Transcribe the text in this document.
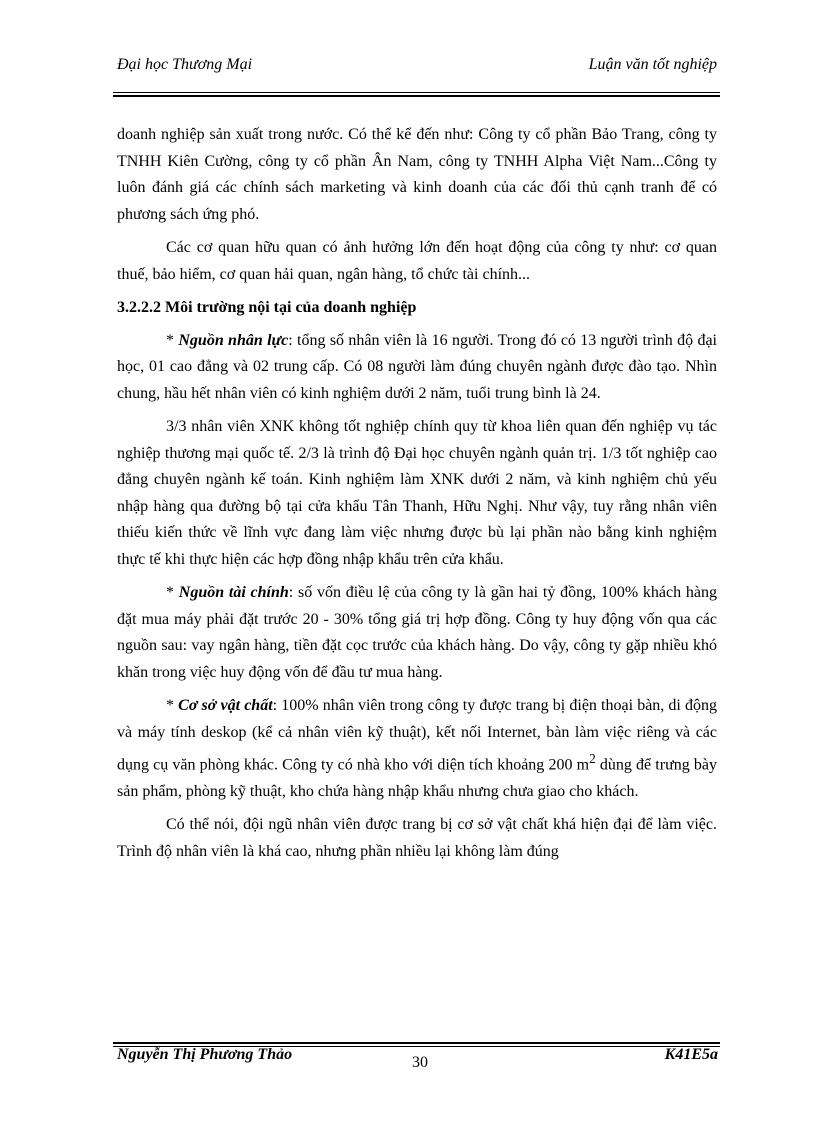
Đại học Thương Mại	Luận văn tốt nghiệp

doanh nghiệp sản xuất trong nước. Có thể kể đến như: Công ty cổ phần Bảo Trang, công ty TNHH Kiên Cường, công ty cổ phần Ân Nam, công ty TNHH Alpha Việt Nam...Công ty luôn đánh giá các chính sách marketing và kinh doanh của các đối thủ cạnh tranh để có phương sách ứng phó.

Các cơ quan hữu quan có ảnh hưởng lớn đến hoạt động của công ty như: cơ quan thuế, bảo hiểm, cơ quan hải quan, ngân hàng, tổ chức tài chính...

3.2.2.2 Môi trường nội tại của doanh nghiệp

* Nguồn nhân lực: tổng số nhân viên là 16 người. Trong đó có 13 người trình độ đại học, 01 cao đẳng và 02 trung cấp. Có 08 người làm đúng chuyên ngành được đào tạo. Nhìn chung, hầu hết nhân viên có kinh nghiệm dưới 2 năm, tuổi trung bình là 24.

3/3 nhân viên XNK không tốt nghiệp chính quy từ khoa liên quan đến nghiệp vụ tác nghiệp thương mại quốc tế. 2/3 là trình độ Đại học chuyên ngành quản trị. 1/3 tốt nghiệp cao đẳng chuyên ngành kế toán. Kinh nghiệm làm XNK dưới 2 năm, và kinh nghiệm chủ yếu nhập hàng qua đường bộ tại cửa khẩu Tân Thanh, Hữu Nghị. Như vậy, tuy rằng nhân viên thiếu kiến thức về lĩnh vực đang làm việc nhưng được bù lại phần nào bằng kinh nghiệm thực tế khi thực hiện các hợp đồng nhập khẩu trên cửa khẩu.

* Nguồn tài chính: số vốn điều lệ của công ty là gần hai tỷ đồng, 100% khách hàng đặt mua máy phải đặt trước 20 - 30% tổng giá trị hợp đồng. Công ty huy động vốn qua các nguồn sau: vay ngân hàng, tiền đặt cọc trước của khách hàng. Do vậy, công ty gặp nhiều khó khăn trong việc huy động vốn để đầu tư mua hàng.

* Cơ sở vật chất: 100% nhân viên trong công ty được trang bị điện thoại bàn, di động và máy tính deskop (kể cả nhân viên kỹ thuật), kết nối Internet, bàn làm việc riêng và các dụng cụ văn phòng khác. Công ty có nhà kho với diện tích khoảng 200 $m^2$ dùng để trưng bày sản phẩm, phòng kỹ thuật, kho chứa hàng nhập khẩu nhưng chưa giao cho khách.

Có thể nói, đội ngũ nhân viên được trang bị cơ sở vật chất khá hiện đại để làm việc. Trình độ nhân viên là khá cao, nhưng phần nhiều lại không làm đúng

Nguyễn Thị Phương Thảo	30	K41E5a
